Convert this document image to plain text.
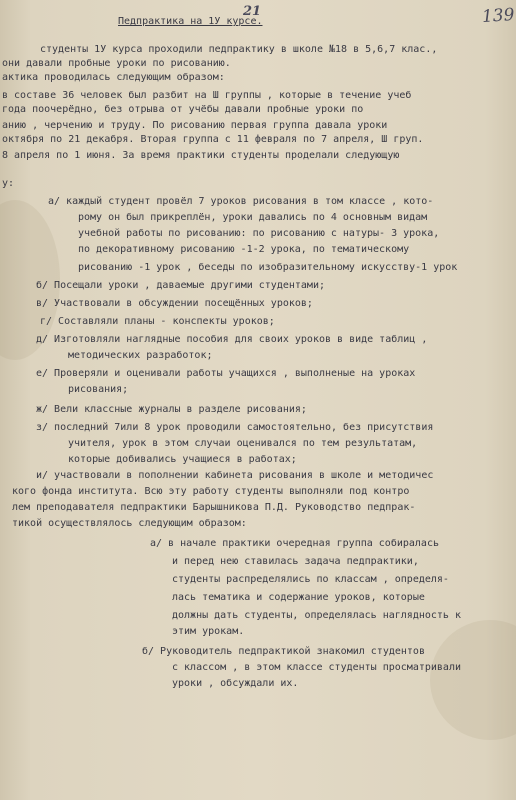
21	139
Педпрактика на 1У курсе.
студенты 1У курса проходили педпрактику в школе №18 в 5,6,7 клас.,
они давали пробные уроки по рисованию.
актика проводилась следующим образом:
в составе 36 человек был разбит на Ш группы , которые в течение учеб
года поочерёдно, без отрыва от учёбы давали пробные уроки по
анию , черчению и труду. По рисованию первая группа давала уроки
октября по 21 декабря. Вторая группа с 11 февраля по 7 апреля, Ш груп.
8 апреля по 1 июня. За время практики студенты проделали следующую
у:
а/ каждый студент провёл 7 уроков рисования в том классе , кото-
ромy он был прикреплён, уроки давались по 4 основным видам
учебной работы по рисованию: по рисованию с натуры- 3 урока,
по декоративному рисованию -1-2 урока, по тематическому
рисованию -1 урок , беседы по изобразительному искусству-1 урок
б/ Посещали уроки , даваемые другими студентами;
в/ Участвовали в обсуждении посещённых уроков;
г/ Составляли планы - конспекты уроков;
д/ Изготовляли наглядные пособия для своих уроков в виде таблиц ,
методических разработок;
е/ Проверяли и оценивали работы учащихся , выполненые на уроках
рисования;
ж/ Вели классные журналы в разделе рисования;
з/ последний 7или 8 урок проводили самостоятельно, без присутствия
учителя, урок в этом случаи оценивался по тем результатам,
которые добивались учащиеся в работах;
и/ участвовали в пополнении кабинета рисования в школе и методичес
кого фонда института. Всю эту работу студенты выполняли под контро
лем преподавателя педпрактики Барышникова П.Д. Руководство педпрак-
тикой осуществлялось следующим образом:
а/ в начале практики очередная группа собиралась
и перед нею ставилась задача педпрактики,
студенты распределялись по классам , определя-
лась тематика и содержание уроков, которые
должны дать студенты, определялась наглядность к
этим урокам.
б/ Руководитель педпрактикой знакомил студентов
с классом , в этом классе студенты просматривали
уроки , обсуждали их.
